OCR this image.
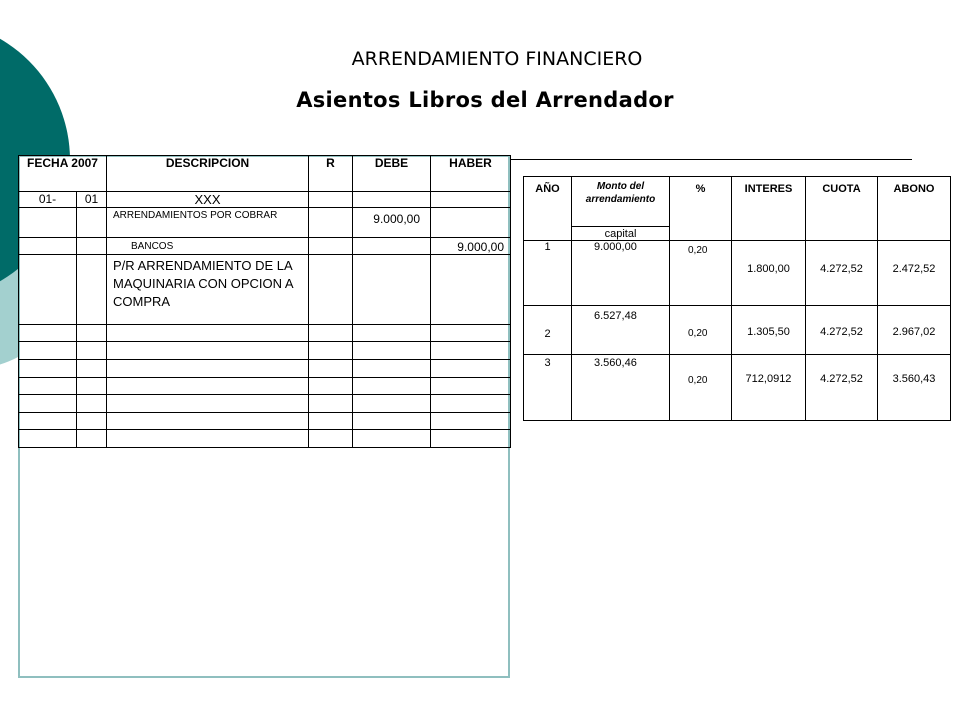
ARRENDAMIENTO FINANCIERO
Asientos Libros del Arrendador
FECHA 2007		DESCRIPCION	R	DEBE	HABER
01-	01	XXX			
		ARRENDAMIENTOS POR COBRAR		9.000,00	
		BANCOS			9.000,00
		P/R ARRENDAMIENTO DE LA MAQUINARIA CON OPCION A COMPRA			

AÑO	Monto del arrendamiento	%	INTERES	CUOTA	ABONO
	capital				
1	9.000,00	0,20	1.800,00	4.272,52	2.472,52
2	6.527,48	0,20	1.305,50	4.272,52	2.967,02
3	3.560,46	0,20	712,0912	4.272,52	3.560,43
